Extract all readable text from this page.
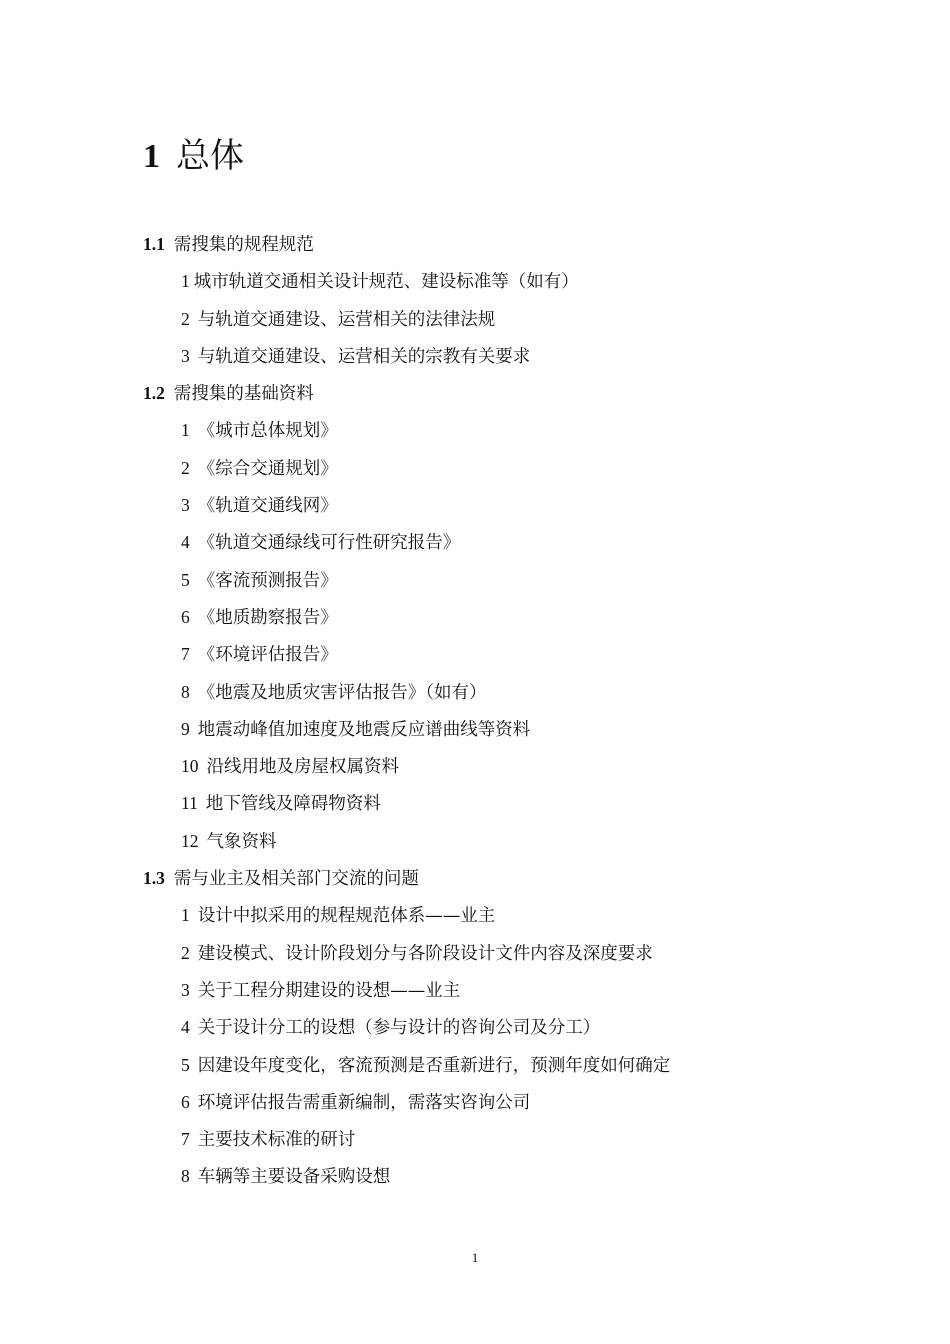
1 总体
1.1 需搜集的规程规范
1 城市轨道交通相关设计规范、建设标准等（如有）
2 与轨道交通建设、运营相关的法律法规
3 与轨道交通建设、运营相关的宗教有关要求
1.2 需搜集的基础资料
1 《城市总体规划》
2 《综合交通规划》
3 《轨道交通线网》
4 《轨道交通绿线可行性研究报告》
5 《客流预测报告》
6 《地质勘察报告》
7 《环境评估报告》
8 《地震及地质灾害评估报告》（如有）
9 地震动峰值加速度及地震反应谱曲线等资料
10 沿线用地及房屋权属资料
11 地下管线及障碍物资料
12 气象资料
1.3 需与业主及相关部门交流的问题
1 设计中拟采用的规程规范体系——业主
2 建设模式、设计阶段划分与各阶段设计文件内容及深度要求
3 关于工程分期建设的设想——业主
4 关于设计分工的设想（参与设计的咨询公司及分工）
5 因建设年度变化，客流预测是否重新进行，预测年度如何确定
6 环境评估报告需重新编制，需落实咨询公司
7 主要技术标准的研讨
8 车辆等主要设备采购设想
1
